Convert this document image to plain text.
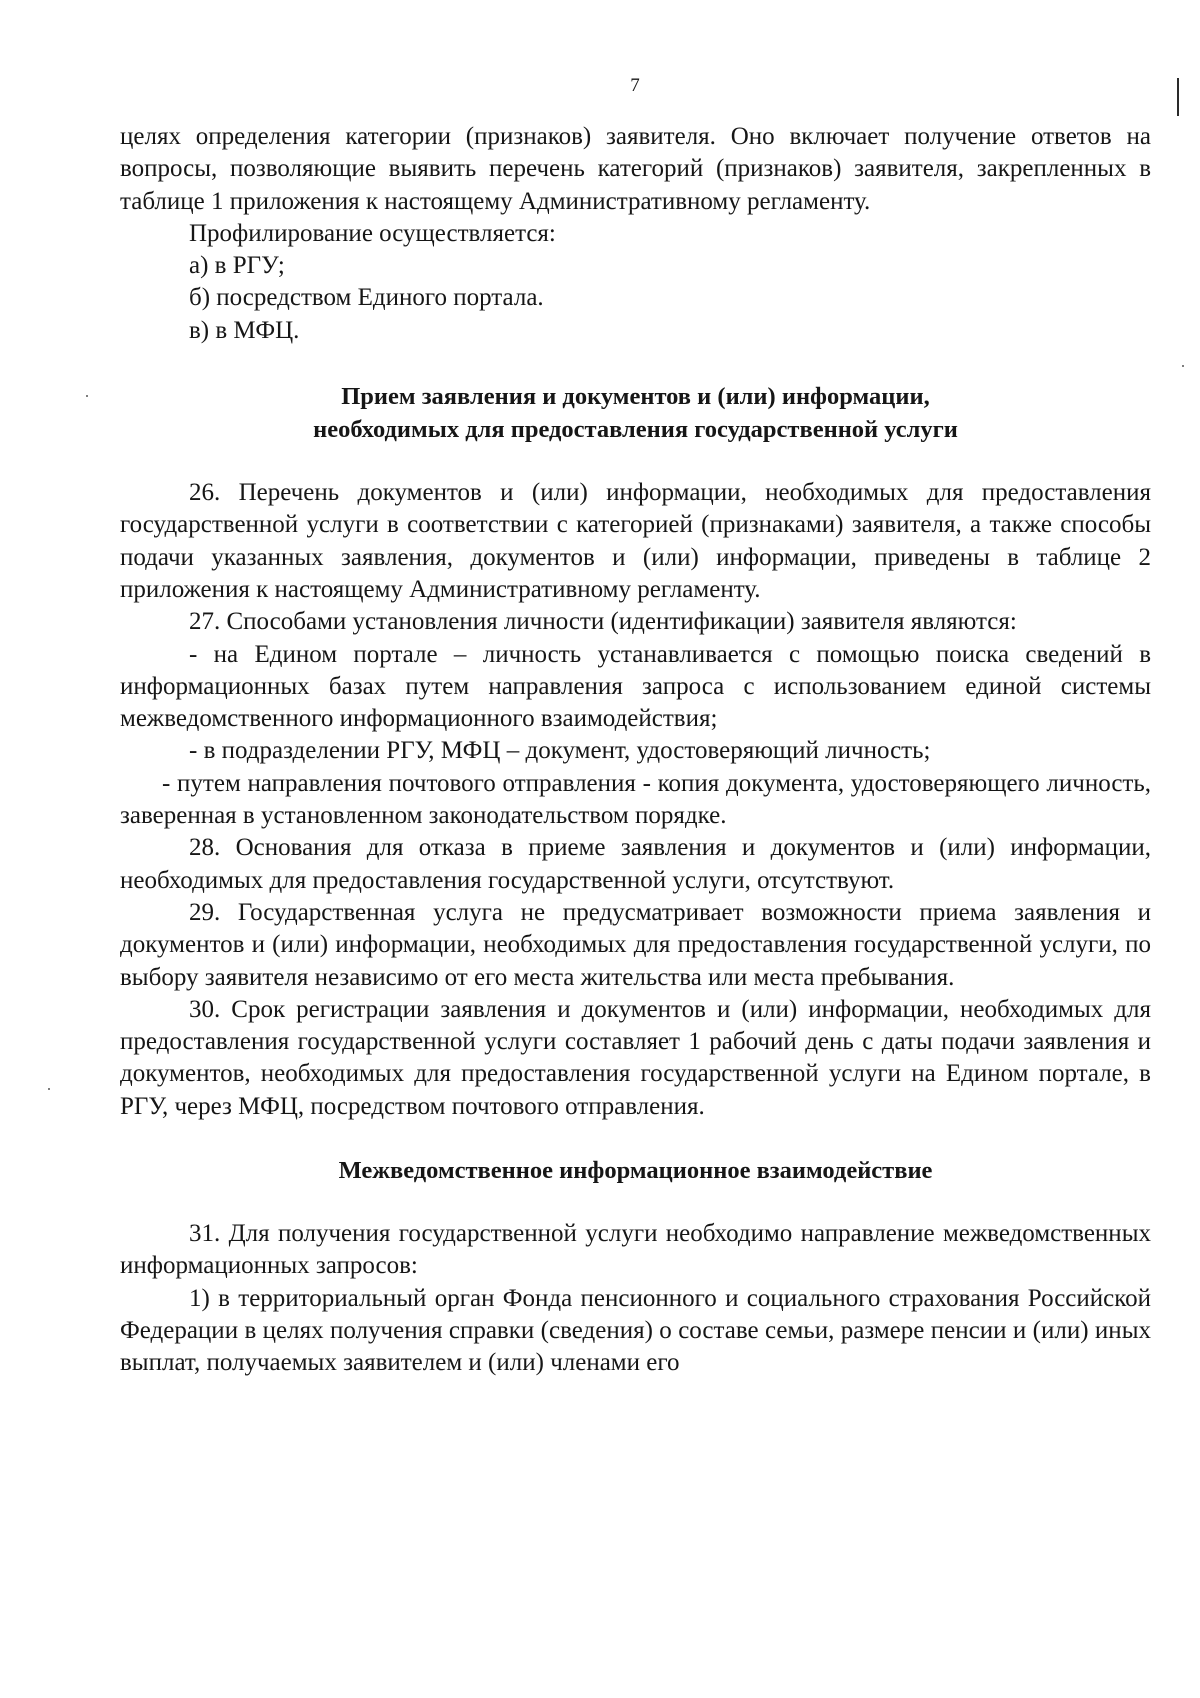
7

целях определения категории (признаков) заявителя. Оно включает получение ответов на вопросы, позволяющие выявить перечень категорий (признаков) заявителя, закрепленных в таблице 1 приложения к настоящему Административному регламенту.

Профилирование осуществляется:

а) в РГУ;

б) посредством Единого портала.

в) в МФЦ.

Прием заявления и документов и (или) информации,
необходимых для предоставления государственной услуги

26. Перечень документов и (или) информации, необходимых для предоставления государственной услуги в соответствии с категорией (признаками) заявителя, а также способы подачи указанных заявления, документов и (или) информации, приведены в таблице 2 приложения к настоящему Административному регламенту.

27. Способами установления личности (идентификации) заявителя являются:

- на Едином портале – личность устанавливается с помощью поиска сведений в информационных базах путем направления запроса с использованием единой системы межведомственного информационного взаимодействия;

- в подразделении РГУ, МФЦ – документ, удостоверяющий личность;

- путем направления почтового отправления - копия документа, удостоверяющего личность, заверенная в установленном законодательством порядке.

28. Основания для отказа в приеме заявления и документов и (или) информации, необходимых для предоставления государственной услуги, отсутствуют.

29. Государственная услуга не предусматривает возможности приема заявления и документов и (или) информации, необходимых для предоставления государственной услуги, по выбору заявителя независимо от его места жительства или места пребывания.

30. Срок регистрации заявления и документов и (или) информации, необходимых для предоставления государственной услуги составляет 1 рабочий день с даты подачи заявления и документов, необходимых для предоставления государственной услуги на Едином портале, в РГУ, через МФЦ, посредством почтового отправления.

Межведомственное информационное взаимодействие

31. Для получения государственной услуги необходимо направление межведомственных информационных запросов:

1) в территориальный орган Фонда пенсионного и социального страхования Российской Федерации в целях получения справки (сведения) о составе семьи, размере пенсии и (или) иных выплат, получаемых заявителем и (или) членами его
